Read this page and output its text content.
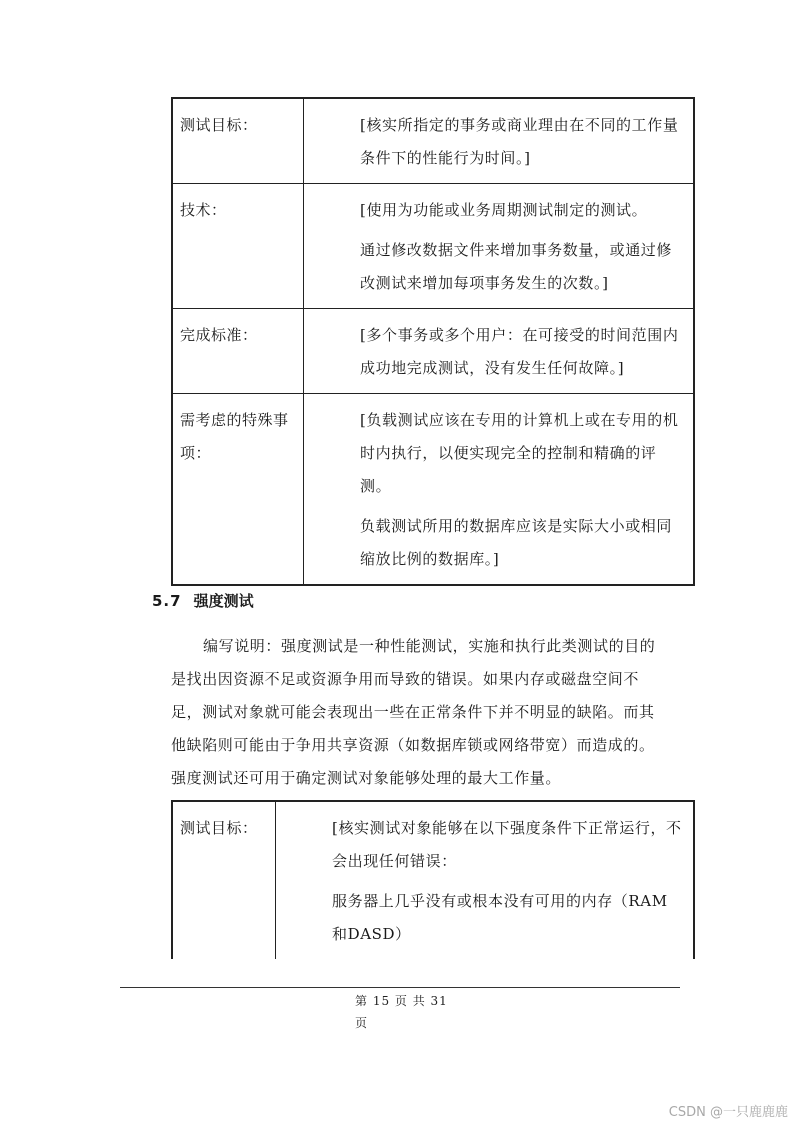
测试目标：	[核实所指定的事务或商业理由在不同的工作量条件下的性能行为时间。]

技术：	[使用为功能或业务周期测试制定的测试。

通过修改数据文件来增加事务数量，或通过修改测试来增加每项事务发生的次数。]

完成标准：	[多个事务或多个用户：在可接受的时间范围内成功地完成测试，没有发生任何故障。]

需考虑的特殊事项：	[负载测试应该在专用的计算机上或在专用的机时内执行，以便实现完全的控制和精确的评测。

负载测试所用的数据库应该是实际大小或相同缩放比例的数据库。]

5.7 强度测试
编写说明：强度测试是一种性能测试，实施和执行此类测试的目的
是找出因资源不足或资源争用而导致的错误。如果内存或磁盘空间不
足，测试对象就可能会表现出一些在正常条件下并不明显的缺陷。而其
他缺陷则可能由于争用共享资源（如数据库锁或网络带宽）而造成的。
强度测试还可用于确定测试对象能够处理的最大工作量。
测试目标：	[核实测试对象能够在以下强度条件下正常运行，不会出现任何错误：

服务器上几乎没有或根本没有可用的内存（RAM 和DASD）

第 15 页 共 31
页
CSDN @一只鹿鹿鹿
